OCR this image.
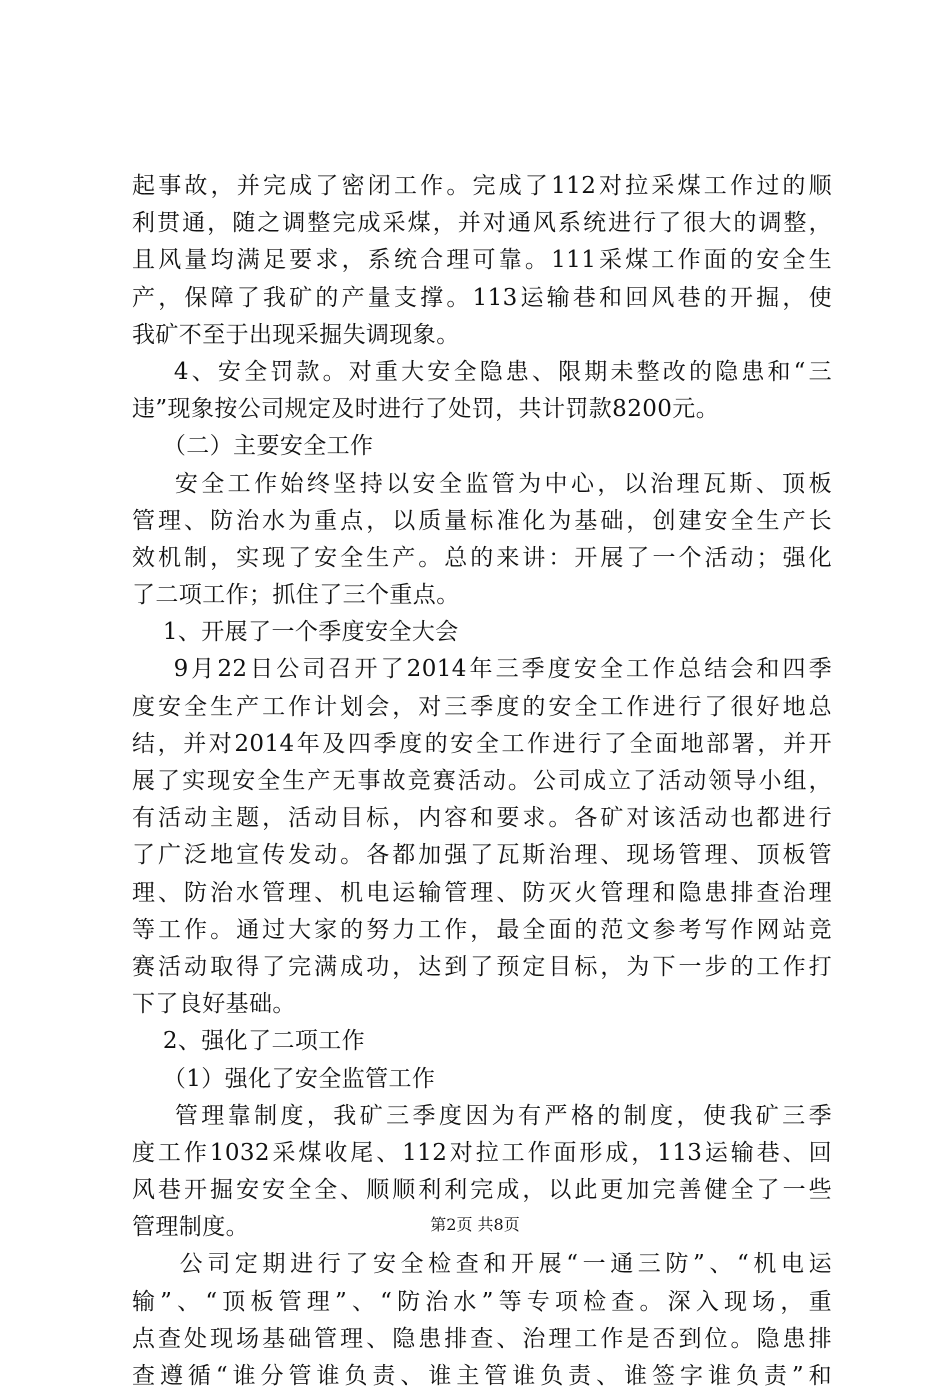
起事故，并完成了密闭工作。完成了112对拉采煤工作过的顺
利贯通，随之调整完成采煤，并对通风系统进行了很大的调整，
且风量均满足要求，系统合理可靠。111采煤工作面的安全生
产，保障了我矿的产量支撑。113运输巷和回风巷的开掘，使
我矿不至于出现采掘失调现象。
4、安全罚款。对重大安全隐患、限期未整改的隐患和“三
违”现象按公司规定及时进行了处罚，共计罚款8200元。
（二）主要安全工作
安全工作始终坚持以安全监管为中心，以治理瓦斯、顶板
管理、防治水为重点，以质量标准化为基础，创建安全生产长
效机制，实现了安全生产。总的来讲：开展了一个活动；强化
了二项工作；抓住了三个重点。
1、开展了一个季度安全大会
9月22日公司召开了2014年三季度安全工作总结会和四季
度安全生产工作计划会，对三季度的安全工作进行了很好地总
结，并对2014年及四季度的安全工作进行了全面地部署，并开
展了实现安全生产无事故竞赛活动。公司成立了活动领导小组，
有活动主题，活动目标，内容和要求。各矿对该活动也都进行
了广泛地宣传发动。各都加强了瓦斯治理、现场管理、顶板管
理、防治水管理、机电运输管理、防灭火管理和隐患排查治理
等工作。通过大家的努力工作，最全面的范文参考写作网站竞
赛活动取得了完满成功，达到了预定目标，为下一步的工作打
下了良好基础。
2、强化了二项工作
（1）强化了安全监管工作
管理靠制度，我矿三季度因为有严格的制度，使我矿三季
度工作1032采煤收尾、112对拉工作面形成，113运输巷、回
风巷开掘安安全全、顺顺利利完成，以此更加完善健全了一些
管理制度。
公司定期进行了安全检查和开展“一通三防”、“机电运
输”、“顶板管理”、“防治水”等专项检查。深入现场，重
点查处现场基础管理、隐患排查、治理工作是否到位。隐患排
查遵循“谁分管谁负责、谁主管谁负责、谁签字谁负责”和
第2页 共8页
